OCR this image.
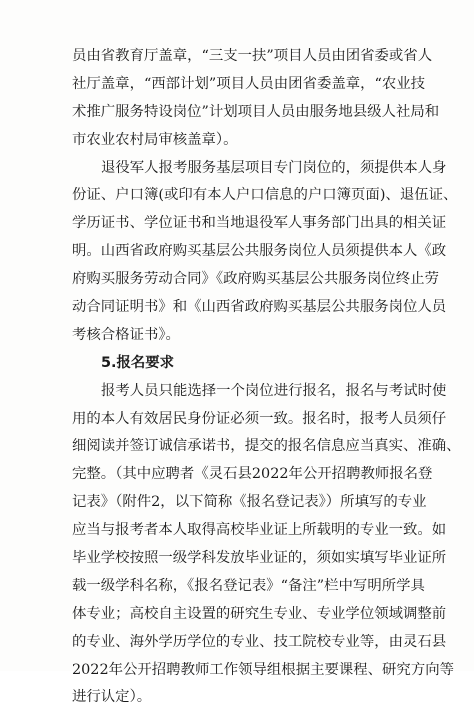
员由省教育厅盖章，“三支一扶”项目人员由团省委或省人
社厅盖章，“西部计划”项目人员由团省委盖章，“农业技
术推广服务特设岗位”计划项目人员由服务地县级人社局和
市农业农村局审核盖章）。
退役军人报考服务基层项目专门岗位的，须提供本人身
份证、户口簿(或印有本人户口信息的户口簿页面)、退伍证、
学历证书、学位证书和当地退役军人事务部门出具的相关证
明。山西省政府购买基层公共服务岗位人员须提供本人《政
府购买服务劳动合同》《政府购买基层公共服务岗位终止劳
动合同证明书》和《山西省政府购买基层公共服务岗位人员
考核合格证书》。
5.报名要求
报考人员只能选择一个岗位进行报名，报名与考试时使
用的本人有效居民身份证必须一致。报名时，报考人员须仔
细阅读并签订诚信承诺书，提交的报名信息应当真实、准确、
完整。（其中应聘者《灵石县2022年公开招聘教师报名登
记表》（附件2，以下简称《报名登记表》）所填写的专业
应当与报考者本人取得高校毕业证上所载明的专业一致。如
毕业学校按照一级学科发放毕业证的，须如实填写毕业证所
载一级学科名称，《报名登记表》“备注”栏中写明所学具
体专业；高校自主设置的研究生专业、专业学位领域调整前
的专业、海外学历学位的专业、技工院校专业等，由灵石县
2022年公开招聘教师工作领导组根据主要课程、研究方向等
进行认定）。
